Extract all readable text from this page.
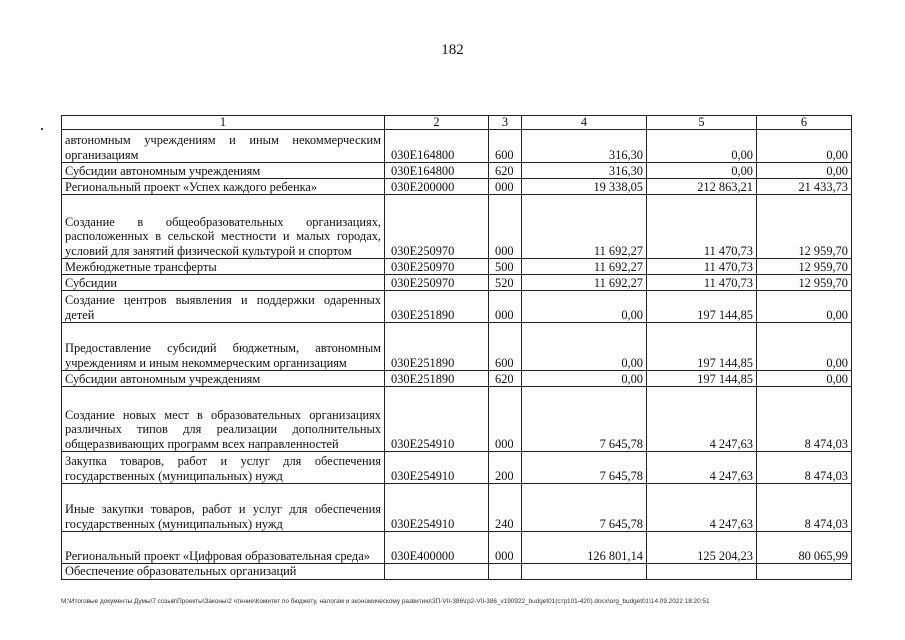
182
1	2	3	4	5	6
автономным учреждениям и иным некоммерческим организациям	030E164800	600	316,30	0,00	0,00
Субсидии автономным учреждениям	030E164800	620	316,30	0,00	0,00
Региональный проект «Успех каждого ребенка»	030E200000	000	19 338,05	212 863,21	21 433,73
Создание в общеобразовательных организациях, расположенных в сельской местности и малых городах, условий для занятий физической культурой и спортом	030E250970	000	11 692,27	11 470,73	12 959,70
Межбюджетные трансферты	030E250970	500	11 692,27	11 470,73	12 959,70
Субсидии	030E250970	520	11 692,27	11 470,73	12 959,70
Создание центров выявления и поддержки одаренных детей	030E251890	000	0,00	197 144,85	0,00
Предоставление субсидий бюджетным, автономным учреждениям и иным некоммерческим организациям	030E251890	600	0,00	197 144,85	0,00
Субсидии автономным учреждениям	030E251890	620	0,00	197 144,85	0,00
Создание новых мест в образовательных организациях различных типов для реализации дополнительных общеразвивающих программ всех направленностей	030E254910	000	7 645,78	4 247,63	8 474,03
Закупка товаров, работ и услуг для обеспечения государственных (муниципальных) нужд	030E254910	200	7 645,78	4 247,63	8 474,03
Иные закупки товаров, работ и услуг для обеспечения государственных (муниципальных) нужд	030E254910	240	7 645,78	4 247,63	8 474,03
Региональный проект «Цифровая образовательная среда»	030E400000	000	126 801,14	125 204,23	80 065,99
Обеспечение образовательных организаций					
M:\Итоговые документы Думы\7 созыв\Проекты\Законы\2 чтение\Комитет по бюджету, налогам и экономическому развитию\ЗП-VII-386\гр2-VII-386_v190922_budget01(стр101-420).docx\org_budget01\14.09.2022 18:20:51
